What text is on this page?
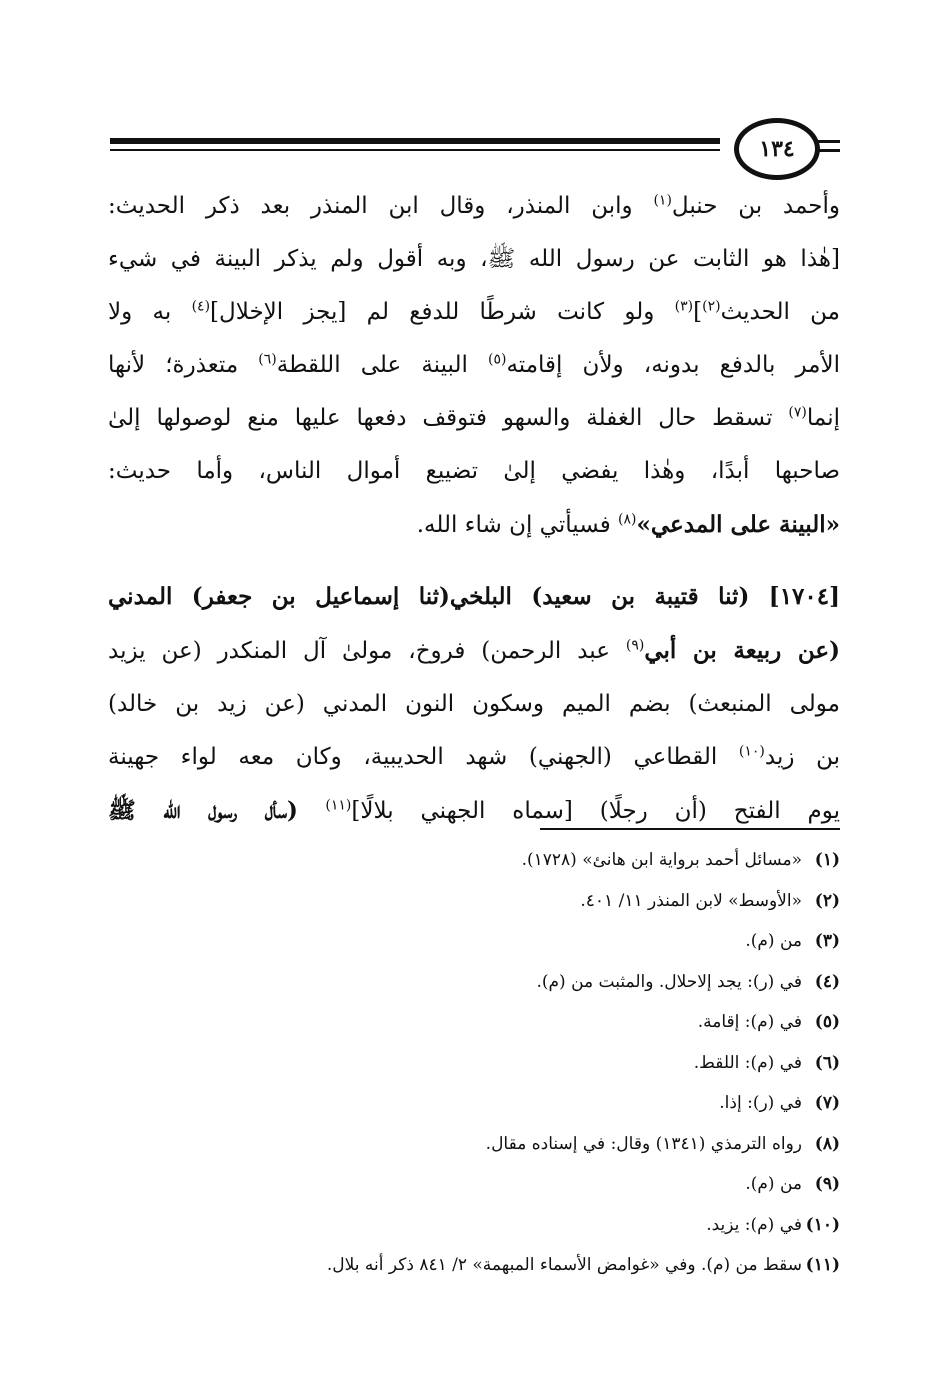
١٣٤
وأحمد بن حنبل$^{(١)}$ وابن المنذر، وقال ابن المنذر بعد ذكر الحديث:
[هٰذا هو الثابت عن رسول الله ﷺ، وبه أقول ولم يذكر البينة في شيء
من الحديث$^{(٢)}$]$^{(٣)}$ ولو كانت شرطًا للدفع لم [يجز الإخلال]$^{(٤)}$ به ولا
الأمر بالدفع بدونه، ولأن إقامته$^{(٥)}$ البينة على اللقطة$^{(٦)}$ متعذرة؛ لأنها
إنما$^{(٧)}$ تسقط حال الغفلة والسهو فتوقف دفعها عليها منع لوصولها إلىٰ
صاحبها أبدًا، وهٰذا يفضي إلىٰ تضييع أموال الناس، وأما حديث:
«البينة على المدعي»$^{(٨)}$ فسيأتي إن شاء الله.
[١٧٠٤] (ثنا قتيبة بن سعيد) البلخي(ثنا إسماعيل بن جعفر) المدني
(عن ربيعة بن أبي$^{(٩)}$ عبد الرحمن) فروخ، مولىٰ آل المنكدر (عن يزيد
مولى المنبعث) بضم الميم وسكون النون المدني (عن زيد بن خالد)
بن زيد$^{(١٠)}$ القطاعي (الجهني) شهد الحديبية، وكان معه لواء جهينة
يوم الفتح (أن رجلًا) [سماه الجهني بلالًا]$^{(١١)}$ (سأل رسول الله ﷺ
(١)«مسائل أحمد برواية ابن هانئ» (١٧٢٨).
(٢)«الأوسط» لابن المنذر ١١/ ٤٠١.
(٣)من (م).
(٤)في (ر): يجد إلاحلال. والمثبت من (م).
(٥)في (م): إقامة.
(٦)في (م): اللقط.
(٧)في (ر): إذا.
(٨)رواه الترمذي (١٣٤١) وقال: في إسناده مقال.
(٩)من (م).
(١٠)في (م): يزيد.
(١١)سقط من (م). وفي «غوامض الأسماء المبهمة» ٢/ ٨٤١ ذكر أنه بلال.
